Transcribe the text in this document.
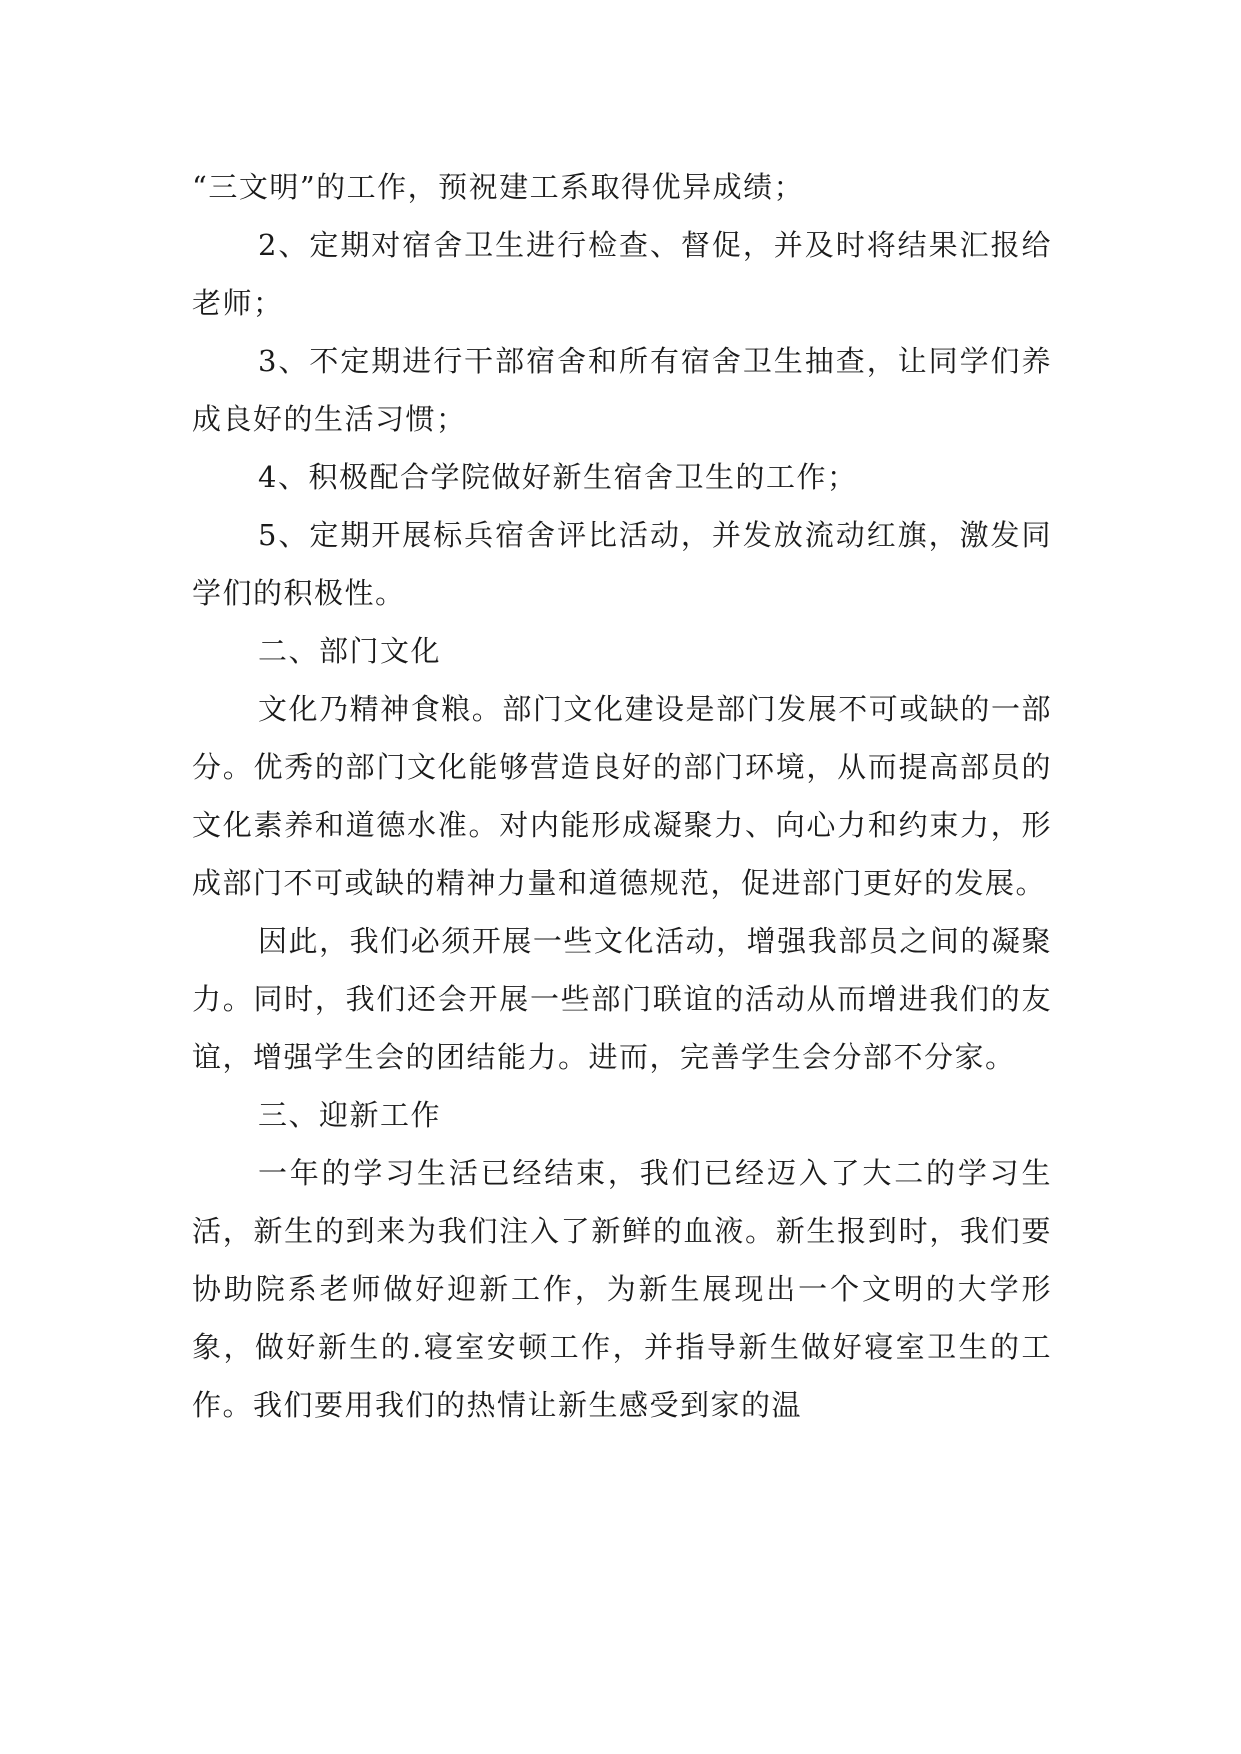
“三文明”的工作，预祝建工系取得优异成绩；

2、定期对宿舍卫生进行检查、督促，并及时将结果汇报给老师；

3、不定期进行干部宿舍和所有宿舍卫生抽查，让同学们养成良好的生活习惯；

4、积极配合学院做好新生宿舍卫生的工作；

5、定期开展标兵宿舍评比活动，并发放流动红旗，激发同学们的积极性。

二、部门文化

文化乃精神食粮。部门文化建设是部门发展不可或缺的一部分。优秀的部门文化能够营造良好的部门环境，从而提高部员的文化素养和道德水准。对内能形成凝聚力、向心力和约束力，形成部门不可或缺的精神力量和道德规范，促进部门更好的发展。

因此，我们必须开展一些文化活动，增强我部员之间的凝聚力。同时，我们还会开展一些部门联谊的活动从而增进我们的友谊，增强学生会的团结能力。进而，完善学生会分部不分家。

三、迎新工作

一年的学习生活已经结束，我们已经迈入了大二的学习生活，新生的到来为我们注入了新鲜的血液。新生报到时，我们要协助院系老师做好迎新工作，为新生展现出一个文明的大学形象，做好新生的.寝室安顿工作，并指导新生做好寝室卫生的工作。我们要用我们的热情让新生感受到家的温
